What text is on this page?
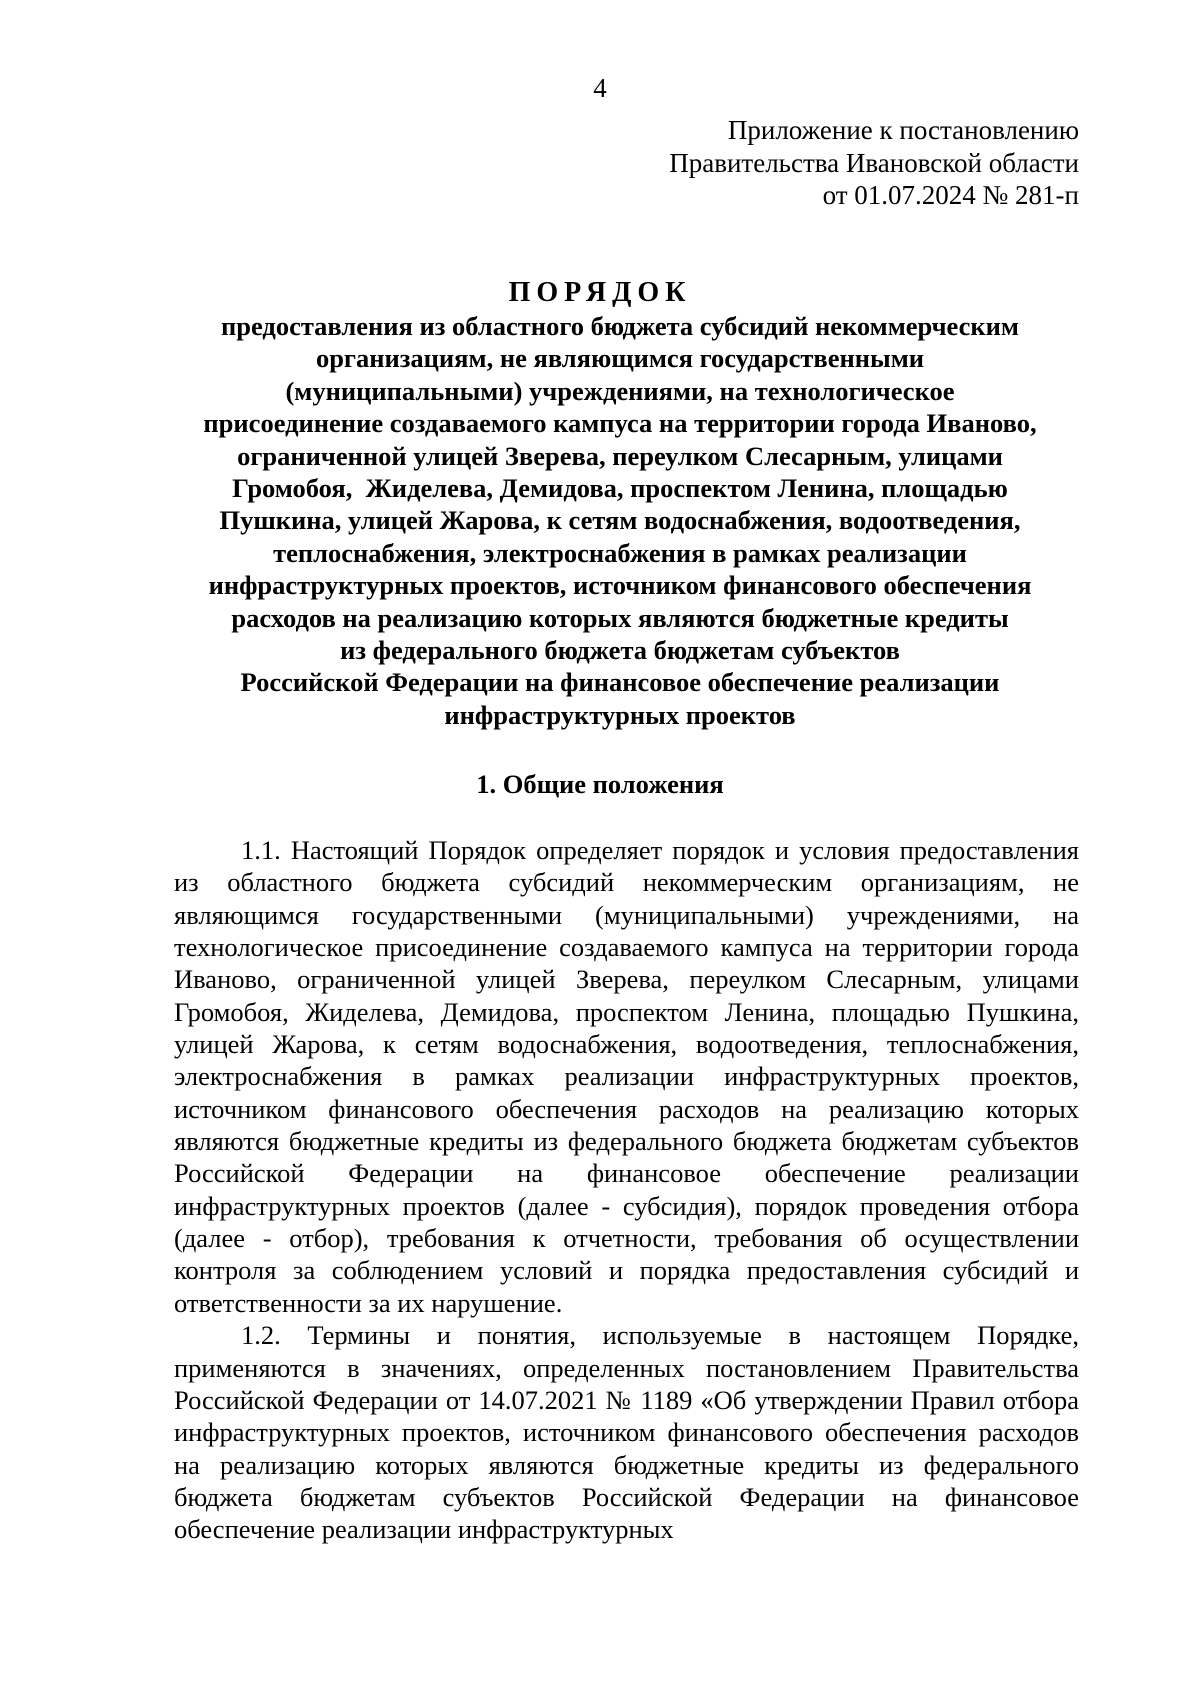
4
Приложение к постановлению
Правительства Ивановской области
от 01.07.2024 № 281-п
ПОРЯДОК
предоставления из областного бюджета субсидий некоммерческим
организациям, не являющимся государственными
(муниципальными) учреждениями, на технологическое
присоединение создаваемого кампуса на территории города Иваново,
ограниченной улицей Зверева, переулком Слесарным, улицами
Громобоя,  Жиделева, Демидова, проспектом Ленина, площадью
Пушкина, улицей Жарова, к сетям водоснабжения, водоотведения,
теплоснабжения, электроснабжения в рамках реализации
инфраструктурных проектов, источником финансового обеспечения
расходов на реализацию которых являются бюджетные кредиты
из федерального бюджета бюджетам субъектов
Российской Федерации на финансовое обеспечение реализации
инфраструктурных проектов
1. Общие положения

1.1. Настоящий Порядок определяет порядок и условия предоставления из областного бюджета субсидий некоммерческим организациям, не являющимся государственными (муниципальными) учреждениями, на технологическое присоединение создаваемого кампуса на территории города Иваново, ограниченной улицей Зверева, переулком Слесарным, улицами Громобоя, Жиделева, Демидова, проспектом Ленина, площадью Пушкина, улицей Жарова, к сетям водоснабжения, водоотведения, теплоснабжения, электроснабжения в рамках реализации инфраструктурных проектов, источником финансового обеспечения расходов на реализацию которых являются бюджетные кредиты из федерального бюджета бюджетам субъектов Российской Федерации на финансовое обеспечение реализации инфраструктурных проектов (далее - субсидия), порядок проведения отбора (далее - отбор), требования к отчетности, требования об осуществлении контроля за соблюдением условий и порядка предоставления субсидий и ответственности за их нарушение.

1.2. Термины и понятия, используемые в настоящем Порядке, применяются в значениях, определенных постановлением Правительства Российской Федерации от 14.07.2021 № 1189 «Об утверждении Правил отбора инфраструктурных проектов, источником финансового обеспечения расходов на реализацию которых являются бюджетные кредиты из федерального бюджета бюджетам субъектов Российской Федерации на финансовое обеспечение реализации инфраструктурных
